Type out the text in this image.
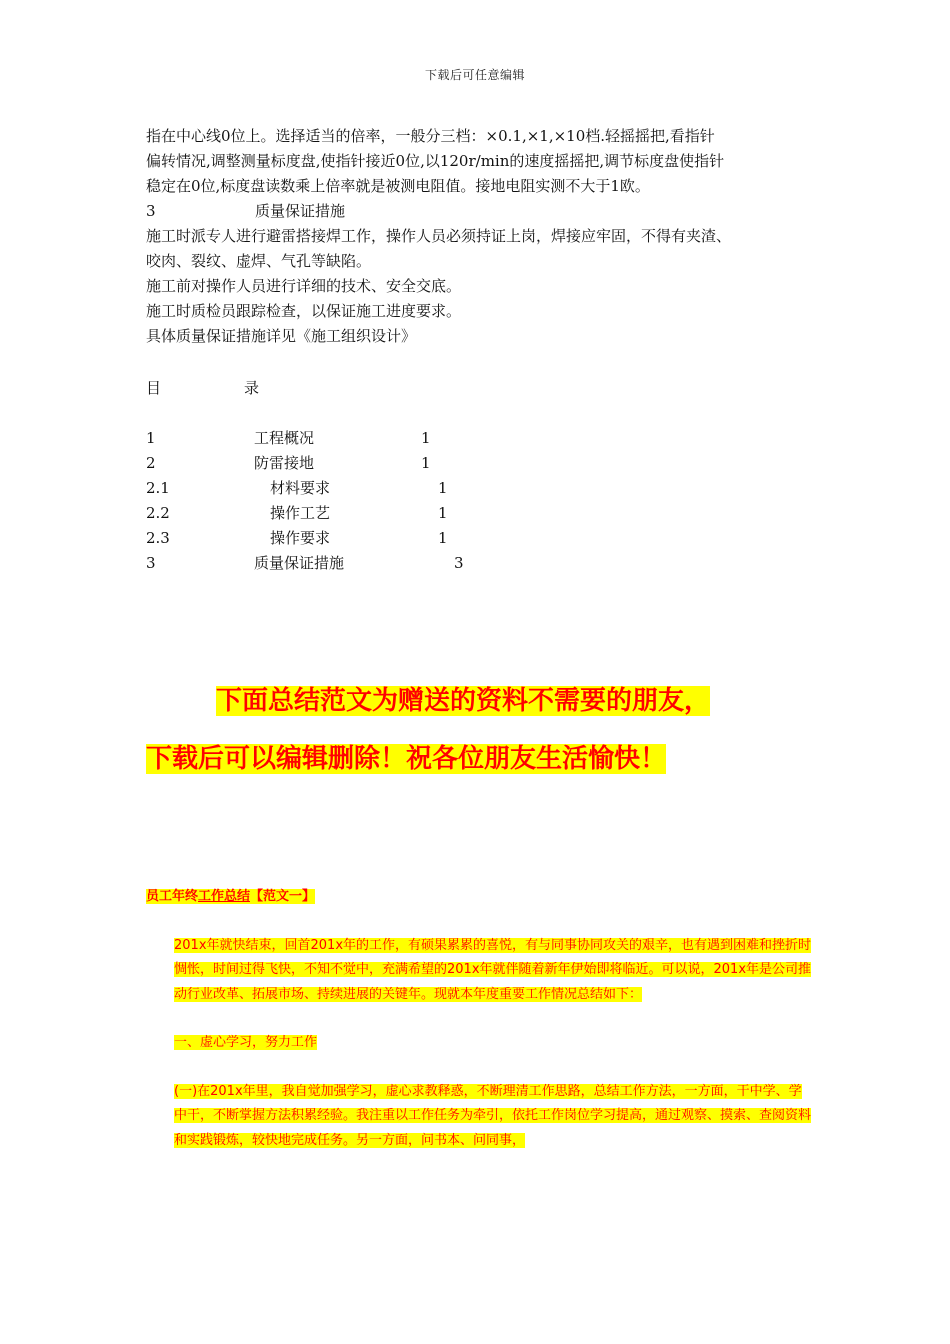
下载后可任意编辑

指在中心线0位上。选择适当的倍率，一般分三档：×0.1,×1,×10档.轻摇摇把,看指针

偏转情况,调整测量标度盘,使指针接近0位,以120r/min的速度摇摇把,调节标度盘使指针

稳定在0位,标度盘读数乘上倍率就是被测电阻值。接地电阻实测不大于1欧。

3	质量保证措施

施工时派专人进行避雷搭接焊工作，操作人员必须持证上岗，焊接应牢固，不得有夹渣、

咬肉、裂纹、虚焊、气孔等缺陷。

施工前对操作人员进行详细的技术、安全交底。

施工时质检员跟踪检查，以保证施工进度要求。

具体质量保证措施详见《施工组织设计》

目	录
1	工程概况	1
2	防雷接地	1
2.1	材料要求	1
2.2	操作工艺	1
2.3	操作要求	1
3	质量保证措施	3
下面总结范文为赠送的资料不需要的朋友，
下载后可以编辑删除！祝各位朋友生活愉快！

员工年终工作总结【范文一】

201x年就快结束，回首201x年的工作，有硕果累累的喜悦，有与同事协同攻关的艰辛，也有遇到困难和挫折时惆怅，时间过得飞快，不知不觉中，充满希望的201x年就伴随着新年伊始即将临近。可以说，201x年是公司推动行业改革、拓展市场、持续进展的关键年。现就本年度重要工作情况总结如下：

一、虚心学习，努力工作

(一)在201x年里，我自觉加强学习，虚心求教释惑，不断理清工作思路，总结工作方法，一方面，干中学、学中干，不断掌握方法积累经验。我注重以工作任务为牵引，依托工作岗位学习提高，通过观察、摸索、查阅资料和实践锻炼，较快地完成任务。另一方面，问书本、问同事，
